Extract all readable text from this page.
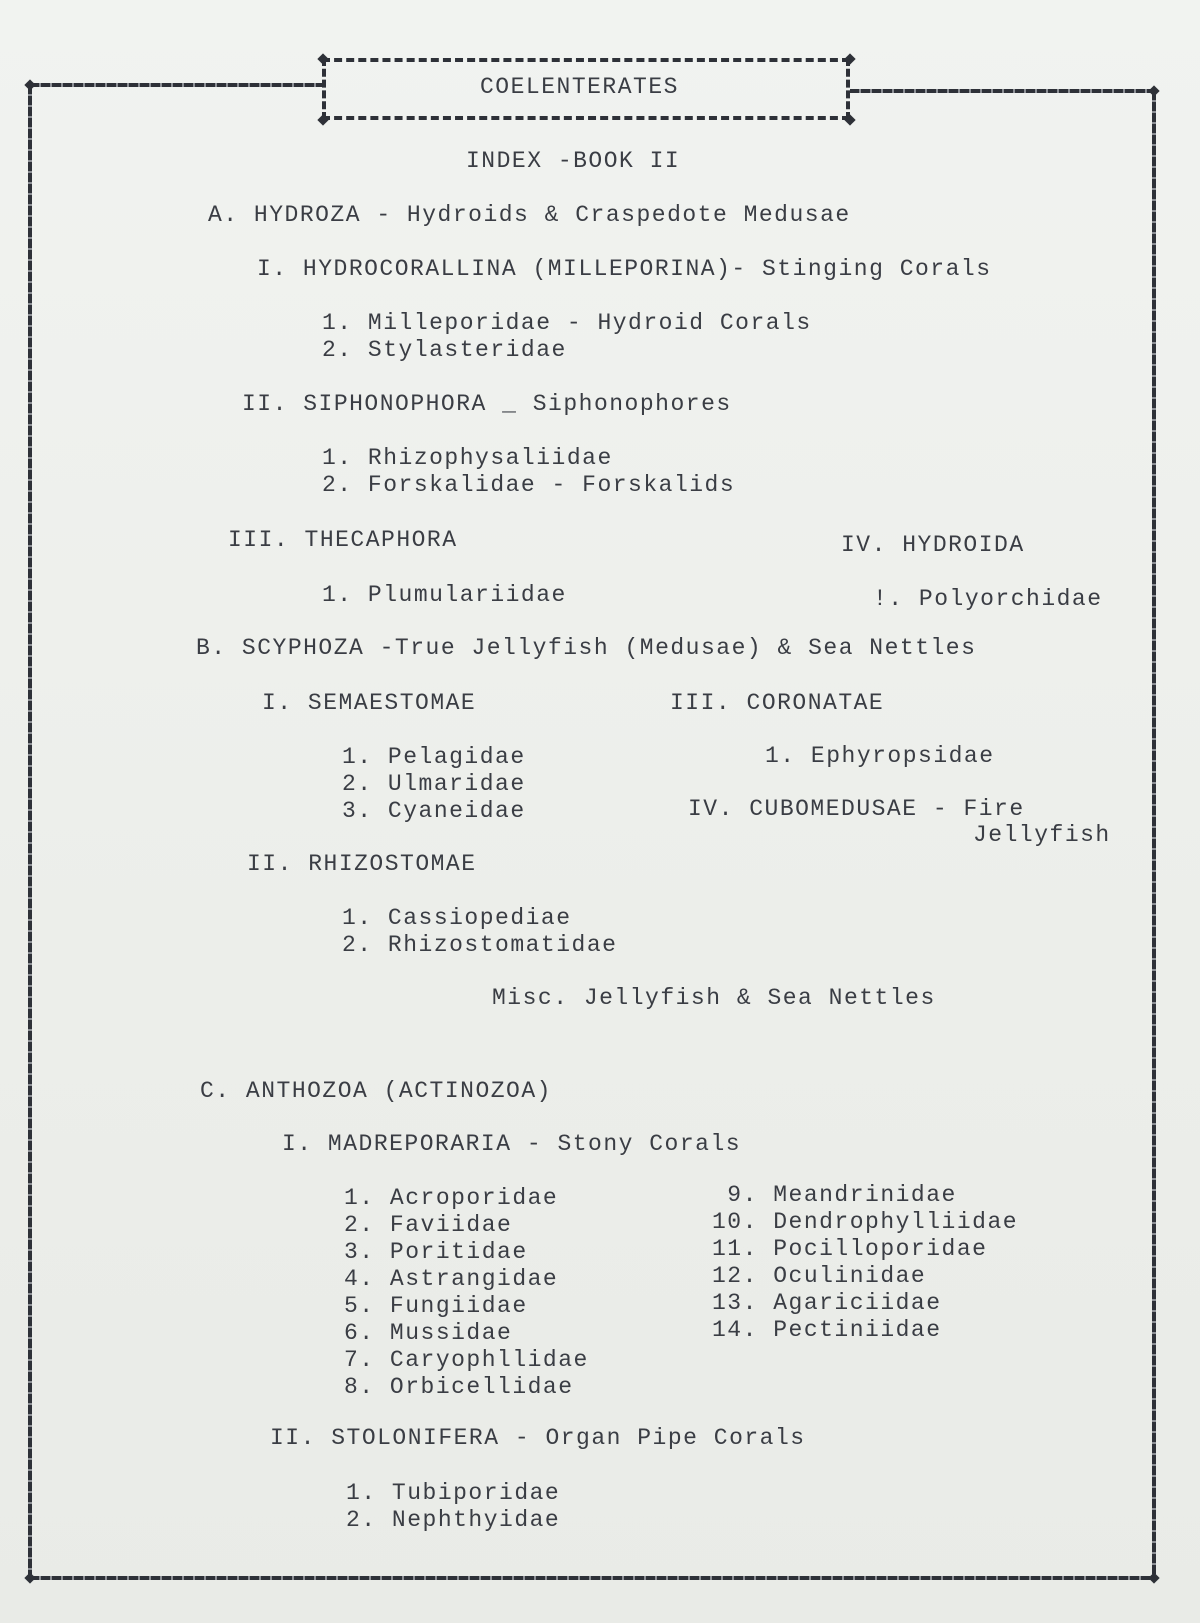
COELENTERATES
INDEX -BOOK II
A. HYDROZA - Hydroids & Craspedote Medusae
I. HYDROCORALLINA (MILLEPORINA)- Stinging Corals
1. Milleporidae - Hydroid Corals
2. Stylasteridae
II. SIPHONOPHORA _ Siphonophores
1. Rhizophysaliidae
2. Forskalidae - Forskalids
III. THECAPHORA
1. Plumulariidae
IV. HYDROIDA
!. Polyorchidae
B. SCYPHOZA -True Jellyfish (Medusae) & Sea Nettles
I. SEMAESTOMAE
1. Pelagidae
2. Ulmaridae
3. Cyaneidae
III. CORONATAE
1. Ephyropsidae
IV. CUBOMEDUSAE - Fire
Jellyfish
II. RHIZOSTOMAE
1. Cassiopediae
2. Rhizostomatidae
Misc. Jellyfish & Sea Nettles
C. ANTHOZOA (ACTINOZOA)
I. MADREPORARIA - Stony Corals
1. Acroporidae
2. Faviidae
3. Poritidae
4. Astrangidae
5. Fungiidae
6. Mussidae
7. Caryophllidae
8. Orbicellidae
9. Meandrinidae
10. Dendrophylliidae
11. Pocilloporidae
12. Oculinidae
13. Agariciidae
14. Pectiniidae
II. STOLONIFERA - Organ Pipe Corals
1. Tubiporidae
2. Nephthyidae
